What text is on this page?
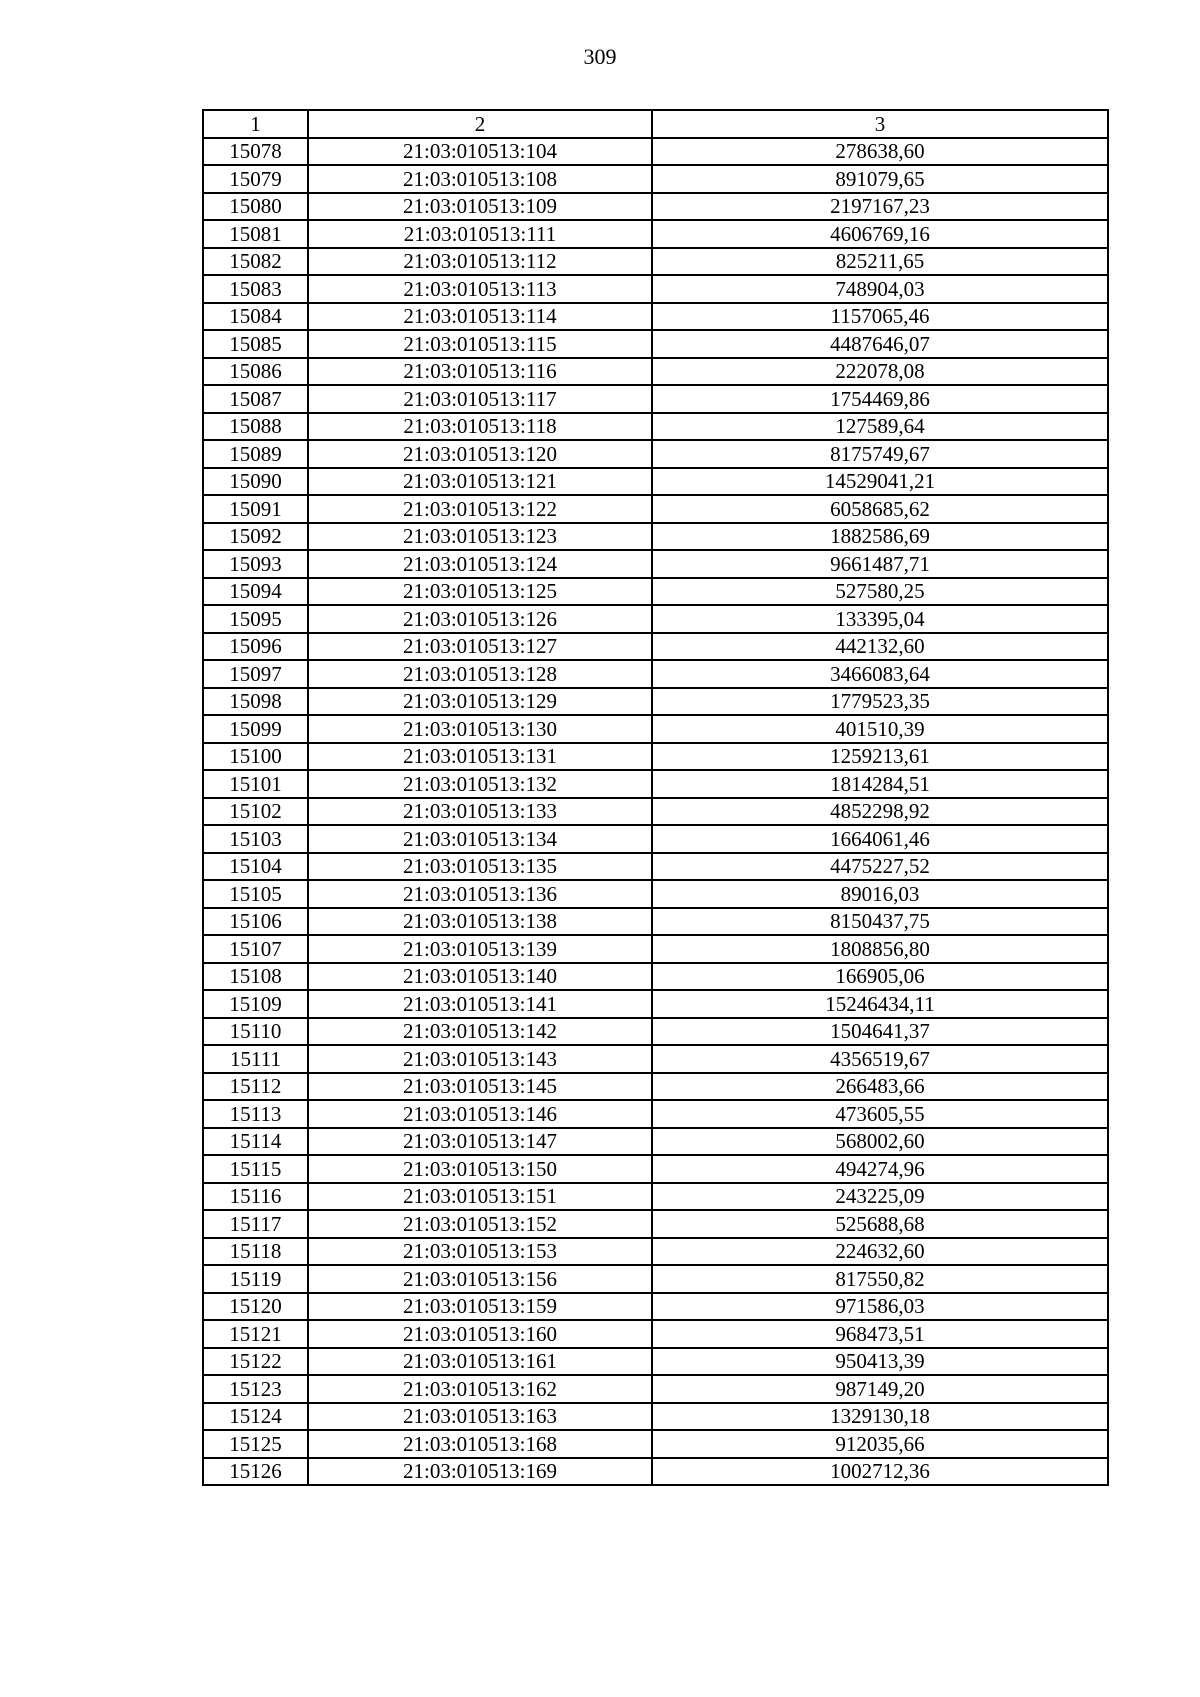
309
1	2	3
15078	21:03:010513:104	278638,60
15079	21:03:010513:108	891079,65
15080	21:03:010513:109	2197167,23
15081	21:03:010513:111	4606769,16
15082	21:03:010513:112	825211,65
15083	21:03:010513:113	748904,03
15084	21:03:010513:114	1157065,46
15085	21:03:010513:115	4487646,07
15086	21:03:010513:116	222078,08
15087	21:03:010513:117	1754469,86
15088	21:03:010513:118	127589,64
15089	21:03:010513:120	8175749,67
15090	21:03:010513:121	14529041,21
15091	21:03:010513:122	6058685,62
15092	21:03:010513:123	1882586,69
15093	21:03:010513:124	9661487,71
15094	21:03:010513:125	527580,25
15095	21:03:010513:126	133395,04
15096	21:03:010513:127	442132,60
15097	21:03:010513:128	3466083,64
15098	21:03:010513:129	1779523,35
15099	21:03:010513:130	401510,39
15100	21:03:010513:131	1259213,61
15101	21:03:010513:132	1814284,51
15102	21:03:010513:133	4852298,92
15103	21:03:010513:134	1664061,46
15104	21:03:010513:135	4475227,52
15105	21:03:010513:136	89016,03
15106	21:03:010513:138	8150437,75
15107	21:03:010513:139	1808856,80
15108	21:03:010513:140	166905,06
15109	21:03:010513:141	15246434,11
15110	21:03:010513:142	1504641,37
15111	21:03:010513:143	4356519,67
15112	21:03:010513:145	266483,66
15113	21:03:010513:146	473605,55
15114	21:03:010513:147	568002,60
15115	21:03:010513:150	494274,96
15116	21:03:010513:151	243225,09
15117	21:03:010513:152	525688,68
15118	21:03:010513:153	224632,60
15119	21:03:010513:156	817550,82
15120	21:03:010513:159	971586,03
15121	21:03:010513:160	968473,51
15122	21:03:010513:161	950413,39
15123	21:03:010513:162	987149,20
15124	21:03:010513:163	1329130,18
15125	21:03:010513:168	912035,66
15126	21:03:010513:169	1002712,36
